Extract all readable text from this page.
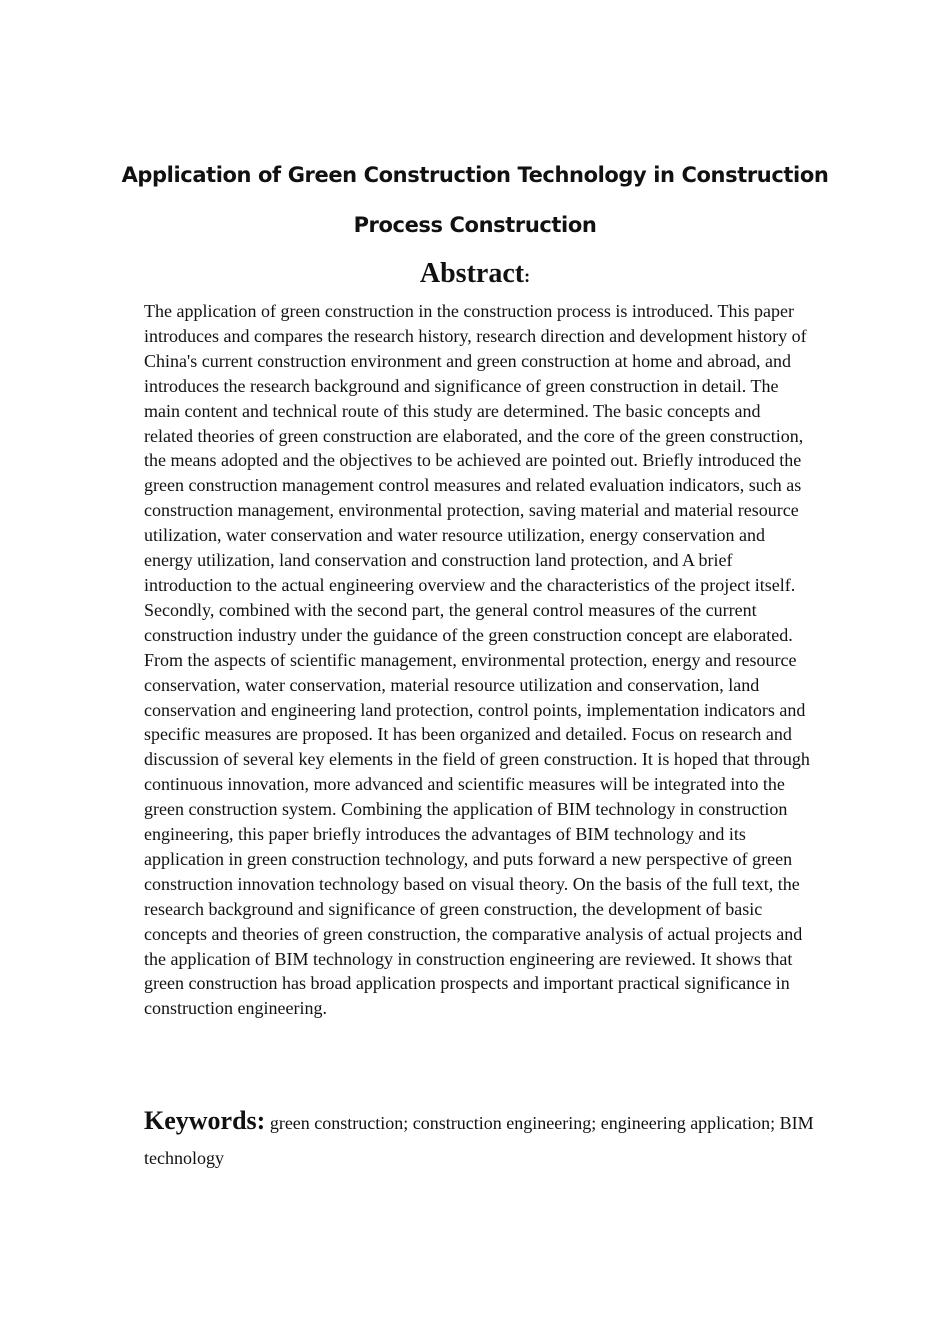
Application of Green Construction Technology in Construction
Process Construction
Abstract:

The application of green construction in the construction process is introduced. This paper introduces and compares the research history, research direction and development history of China's current construction environment and green construction at home and abroad, and introduces the research background and significance of green construction in detail. The main content and technical route of this study are determined. The basic concepts and related theories of green construction are elaborated, and the core of the green construction, the means adopted and the objectives to be achieved are pointed out. Briefly introduced the green construction management control measures and related evaluation indicators, such as construction management, environmental protection, saving material and material resource utilization, water conservation and water resource utilization, energy conservation and energy utilization, land conservation and construction land protection, and A brief introduction to the actual engineering overview and the characteristics of the project itself. Secondly, combined with the second part, the general control measures of the current construction industry under the guidance of the green construction concept are elaborated. From the aspects of scientific management, environmental protection, energy and resource conservation, water conservation, material resource utilization and conservation, land conservation and engineering land protection, control points, implementation indicators and specific measures are proposed. It has been organized and detailed. Focus on research and discussion of several key elements in the field of green construction. It is hoped that through continuous innovation, more advanced and scientific measures will be integrated into the green construction system. Combining the application of BIM technology in construction engineering, this paper briefly introduces the advantages of BIM technology and its application in green construction technology, and puts forward a new perspective of green construction innovation technology based on visual theory. On the basis of the full text, the research background and significance of green construction, the development of basic concepts and theories of green construction, the comparative analysis of actual projects and the application of BIM technology in construction engineering are reviewed. It shows that green construction has broad application prospects and important practical significance in construction engineering.

Keywords: green construction; construction engineering; engineering application; BIM technology
